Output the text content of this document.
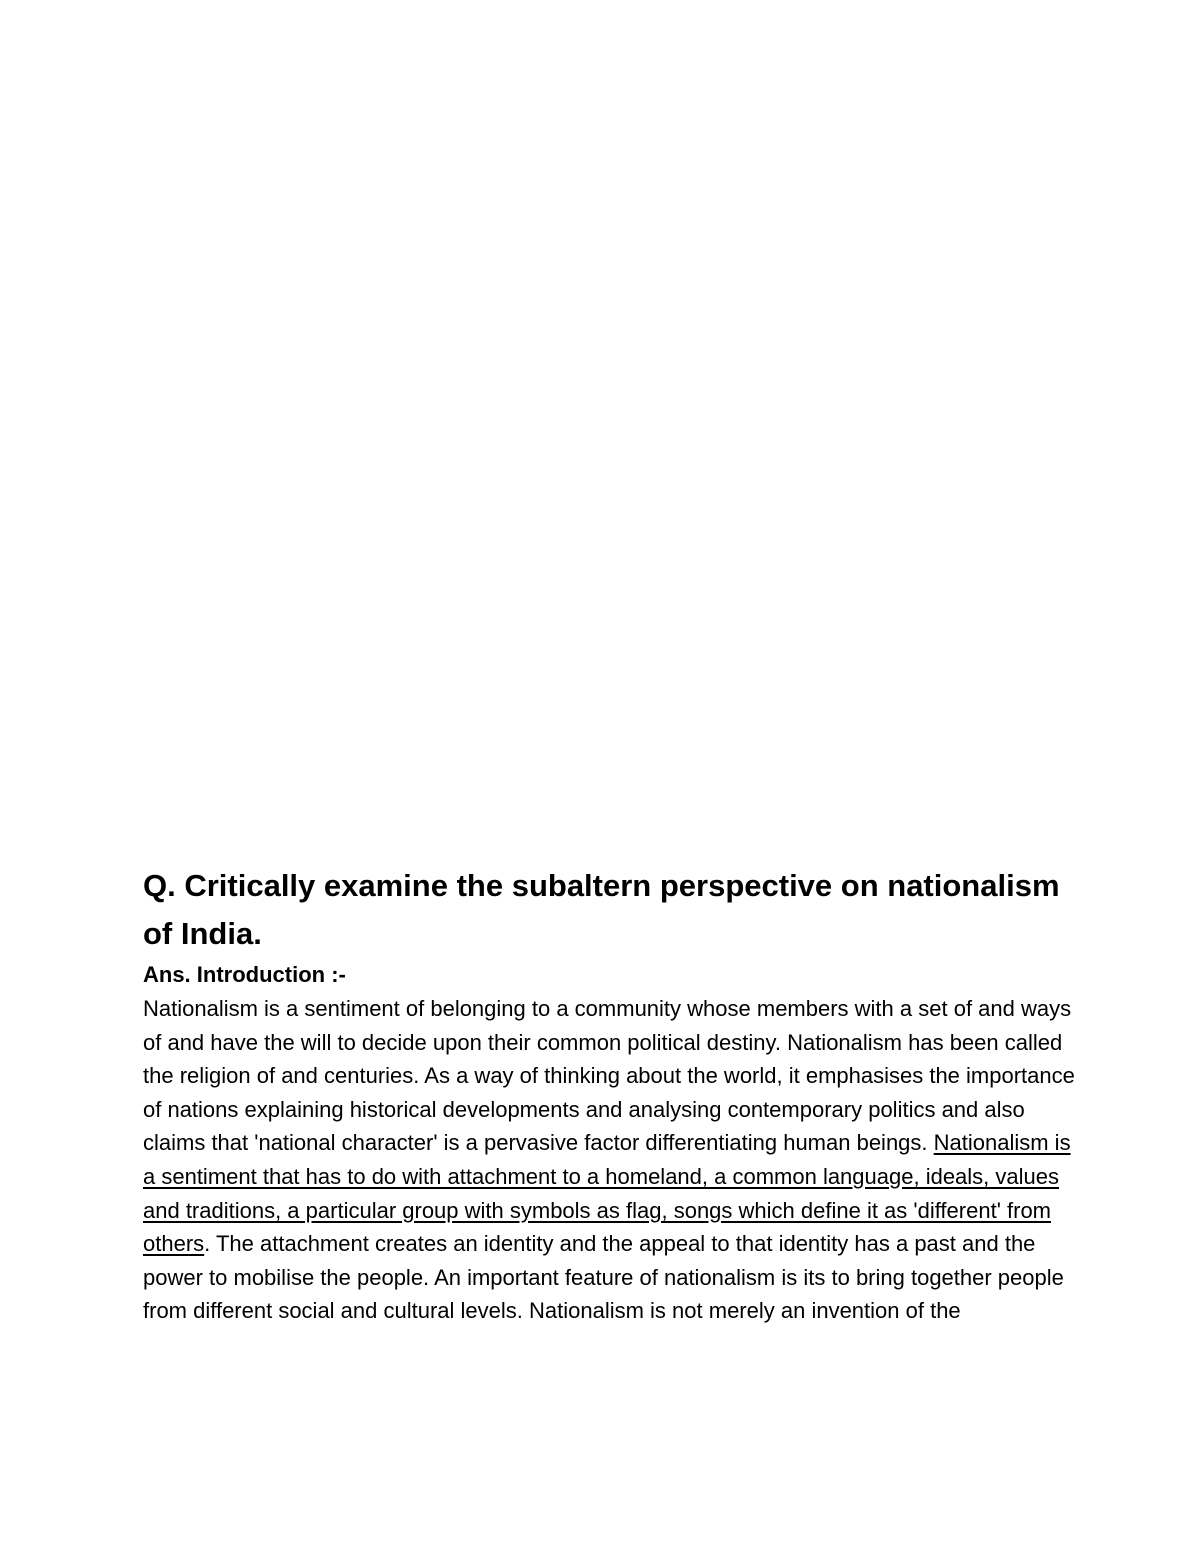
Q. Critically examine the subaltern perspective on nationalism of India.
Ans. Introduction :-

Nationalism is a sentiment of belonging to a community whose members with a set of and ways of and have the will to decide upon their common political destiny. Nationalism has been called the religion of and centuries. As a way of thinking about the world, it emphasises the importance of nations explaining historical developments and analysing contemporary politics and also claims that 'national character' is a pervasive factor differentiating human beings. Nationalism is a sentiment that has to do with attachment to a homeland, a common language, ideals, values and traditions, a particular group with symbols as flag, songs which define it as 'different' from others. The attachment creates an identity and the appeal to that identity has a past and the power to mobilise the people. An important feature of nationalism is its to bring together people from different social and cultural levels. Nationalism is not merely an invention of the
